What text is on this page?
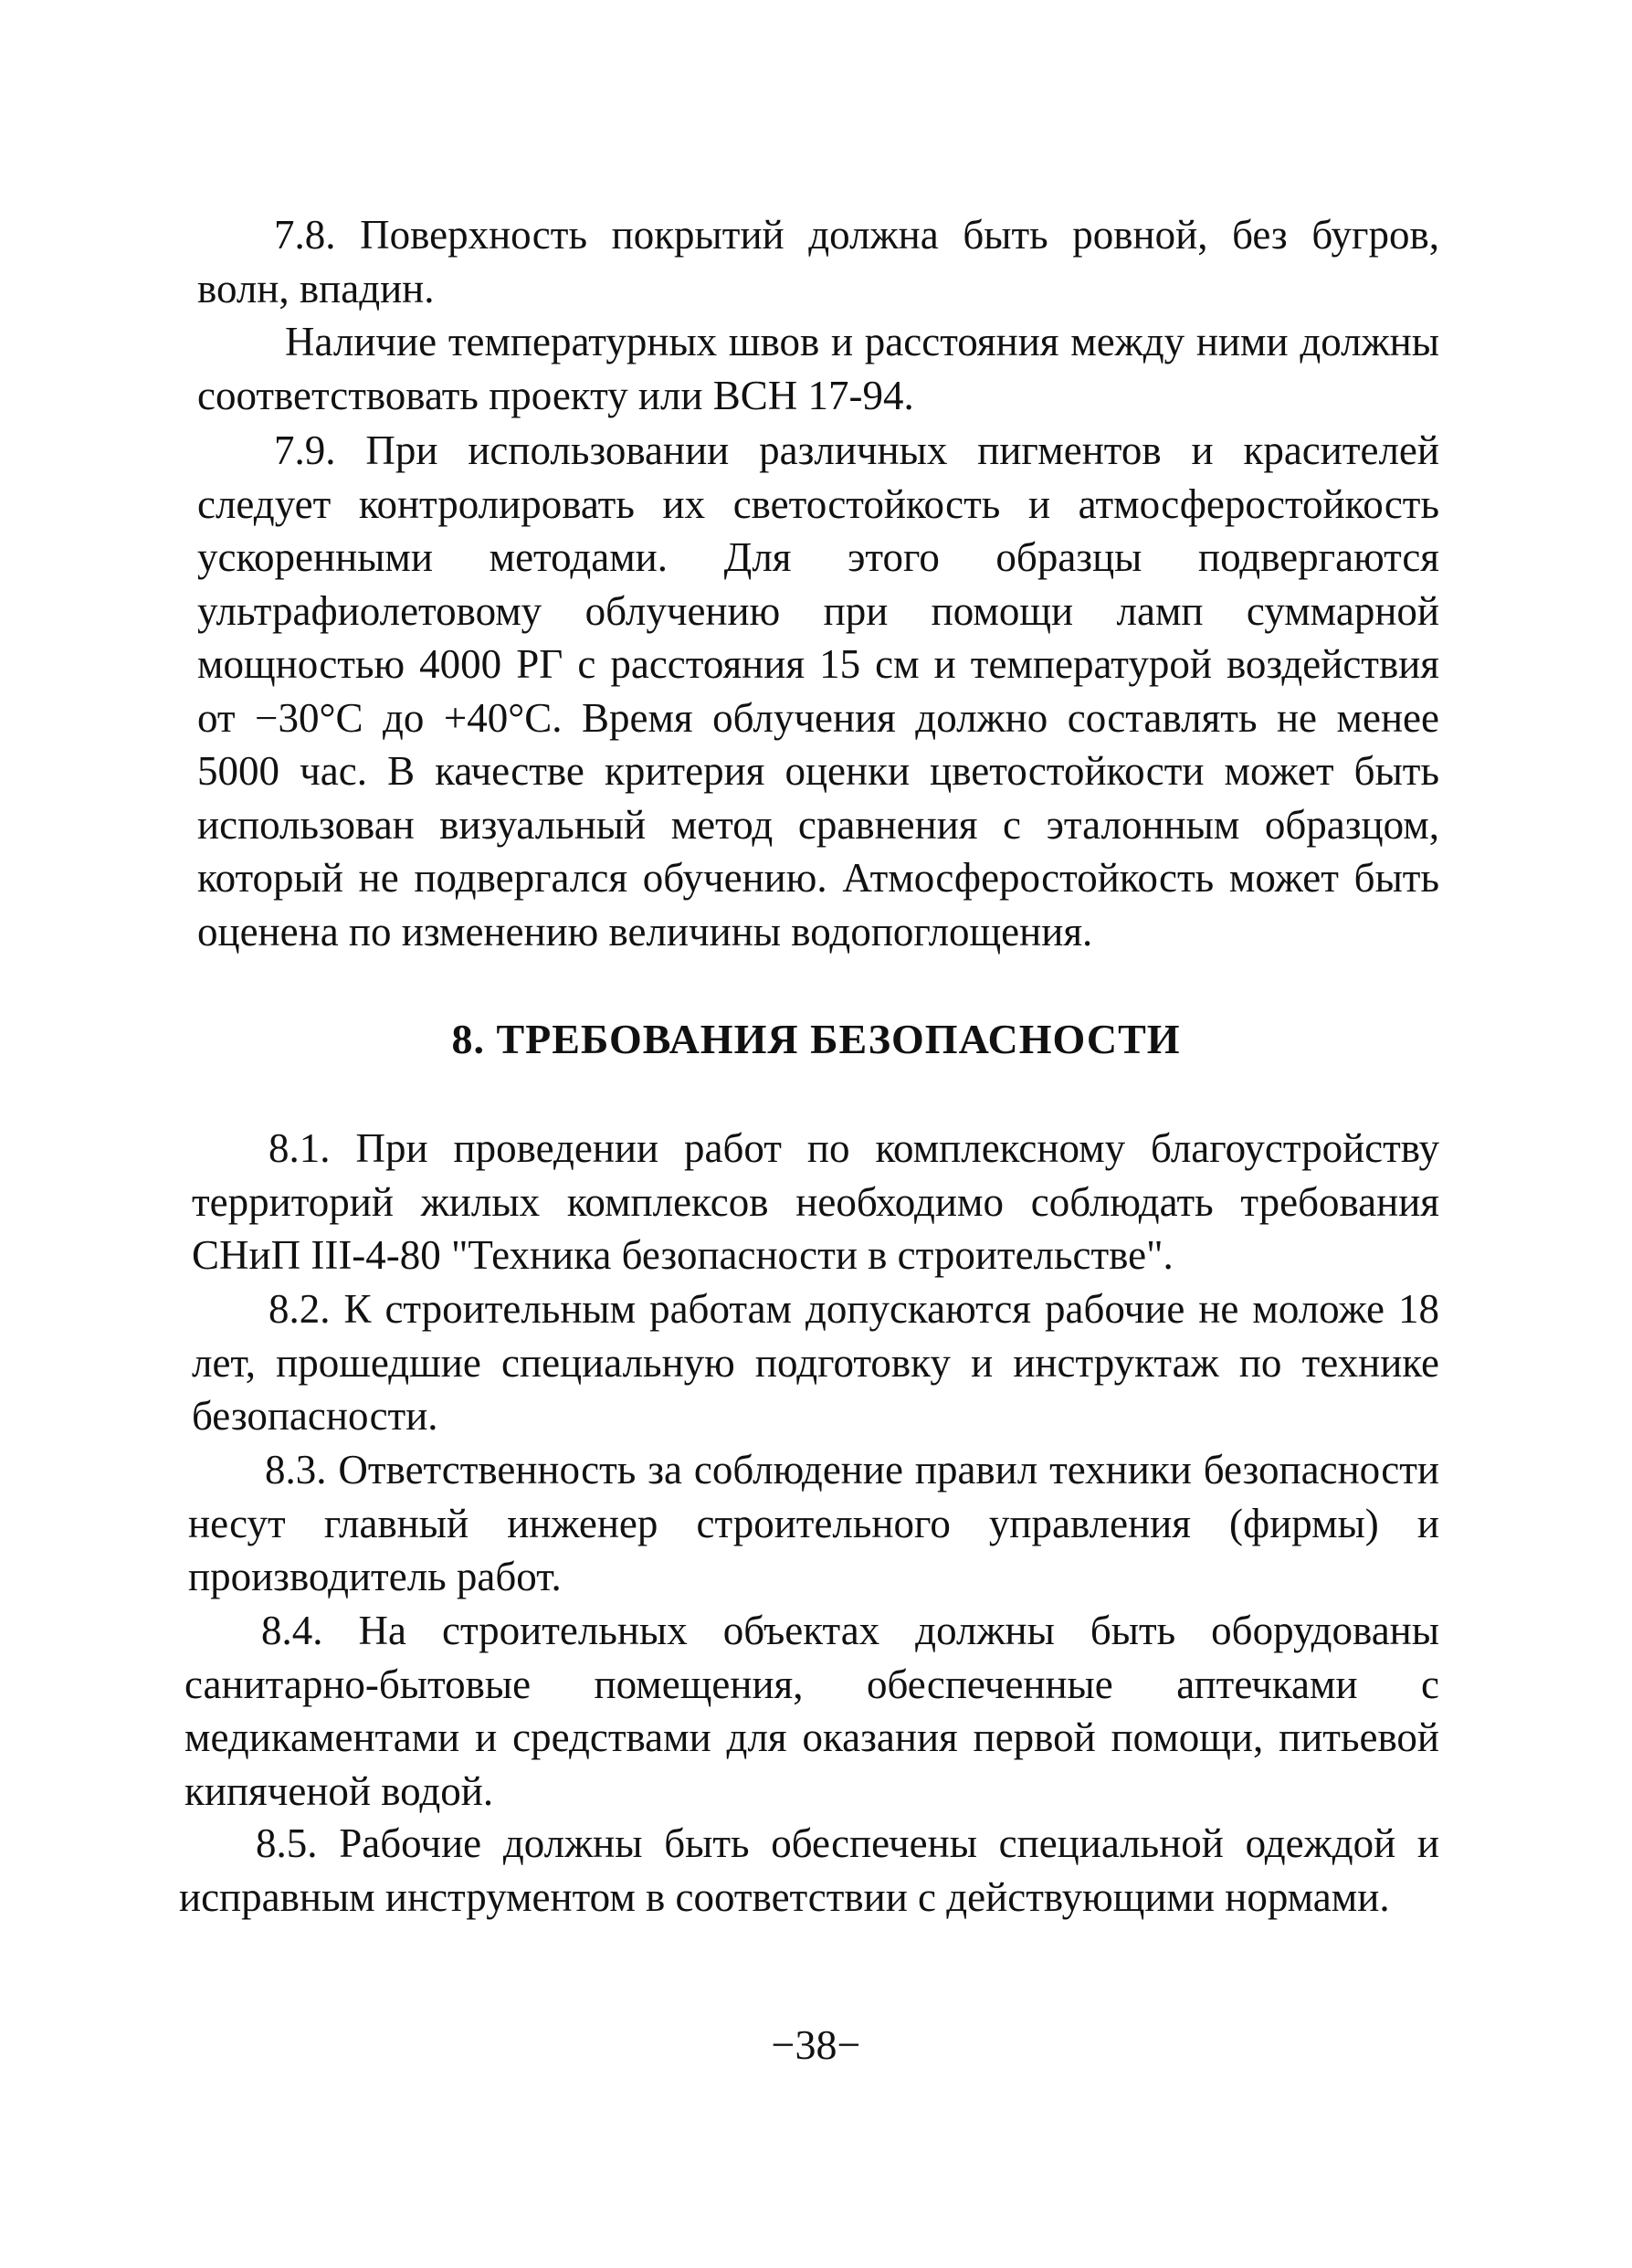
7.8. Поверхность покрытий должна быть ровной, без бугров, волн, впадин.

Наличие температурных швов и расстояния между ними должны соответствовать проекту или ВСН 17-94.

7.9. При использовании различных пигментов и красителей следует контролировать их светостойкость и атмосферостойкость ускоренными методами. Для этого образцы подвергаются ультрафиолетовому облучению при помощи ламп суммарной мощностью 4000 РГ с расстояния 15 см и температурой воздействия от −30°С до +40°С. Время облучения должно составлять не менее 5000 час. В качестве критерия оценки цветостойкости может быть использован визуальный метод сравнения с эталонным образцом, который не подвергался обучению. Атмосферостойкость может быть оценена по изменению величины водопоглощения.

8. ТРЕБОВАНИЯ БЕЗОПАСНОСТИ

8.1. При проведении работ по комплексному благоустройству территорий жилых комплексов необходимо соблюдать требования СНиП III-4-80 "Техника безопасности в строительстве".

8.2. К строительным работам допускаются рабочие не моложе 18 лет, прошедшие специальную подготовку и инструктаж по технике безопасности.

8.3. Ответственность за соблюдение правил техники безопасности несут главный инженер строительного управления (фирмы) и производитель работ.

8.4. На строительных объектах должны быть оборудованы санитарно-бытовые помещения, обеспеченные аптечками с медикаментами и средствами для оказания первой помощи, питьевой кипяченой водой.

8.5. Рабочие должны быть обеспечены специальной одеждой и исправным инструментом в соответствии с действующими нормами.

−38−
